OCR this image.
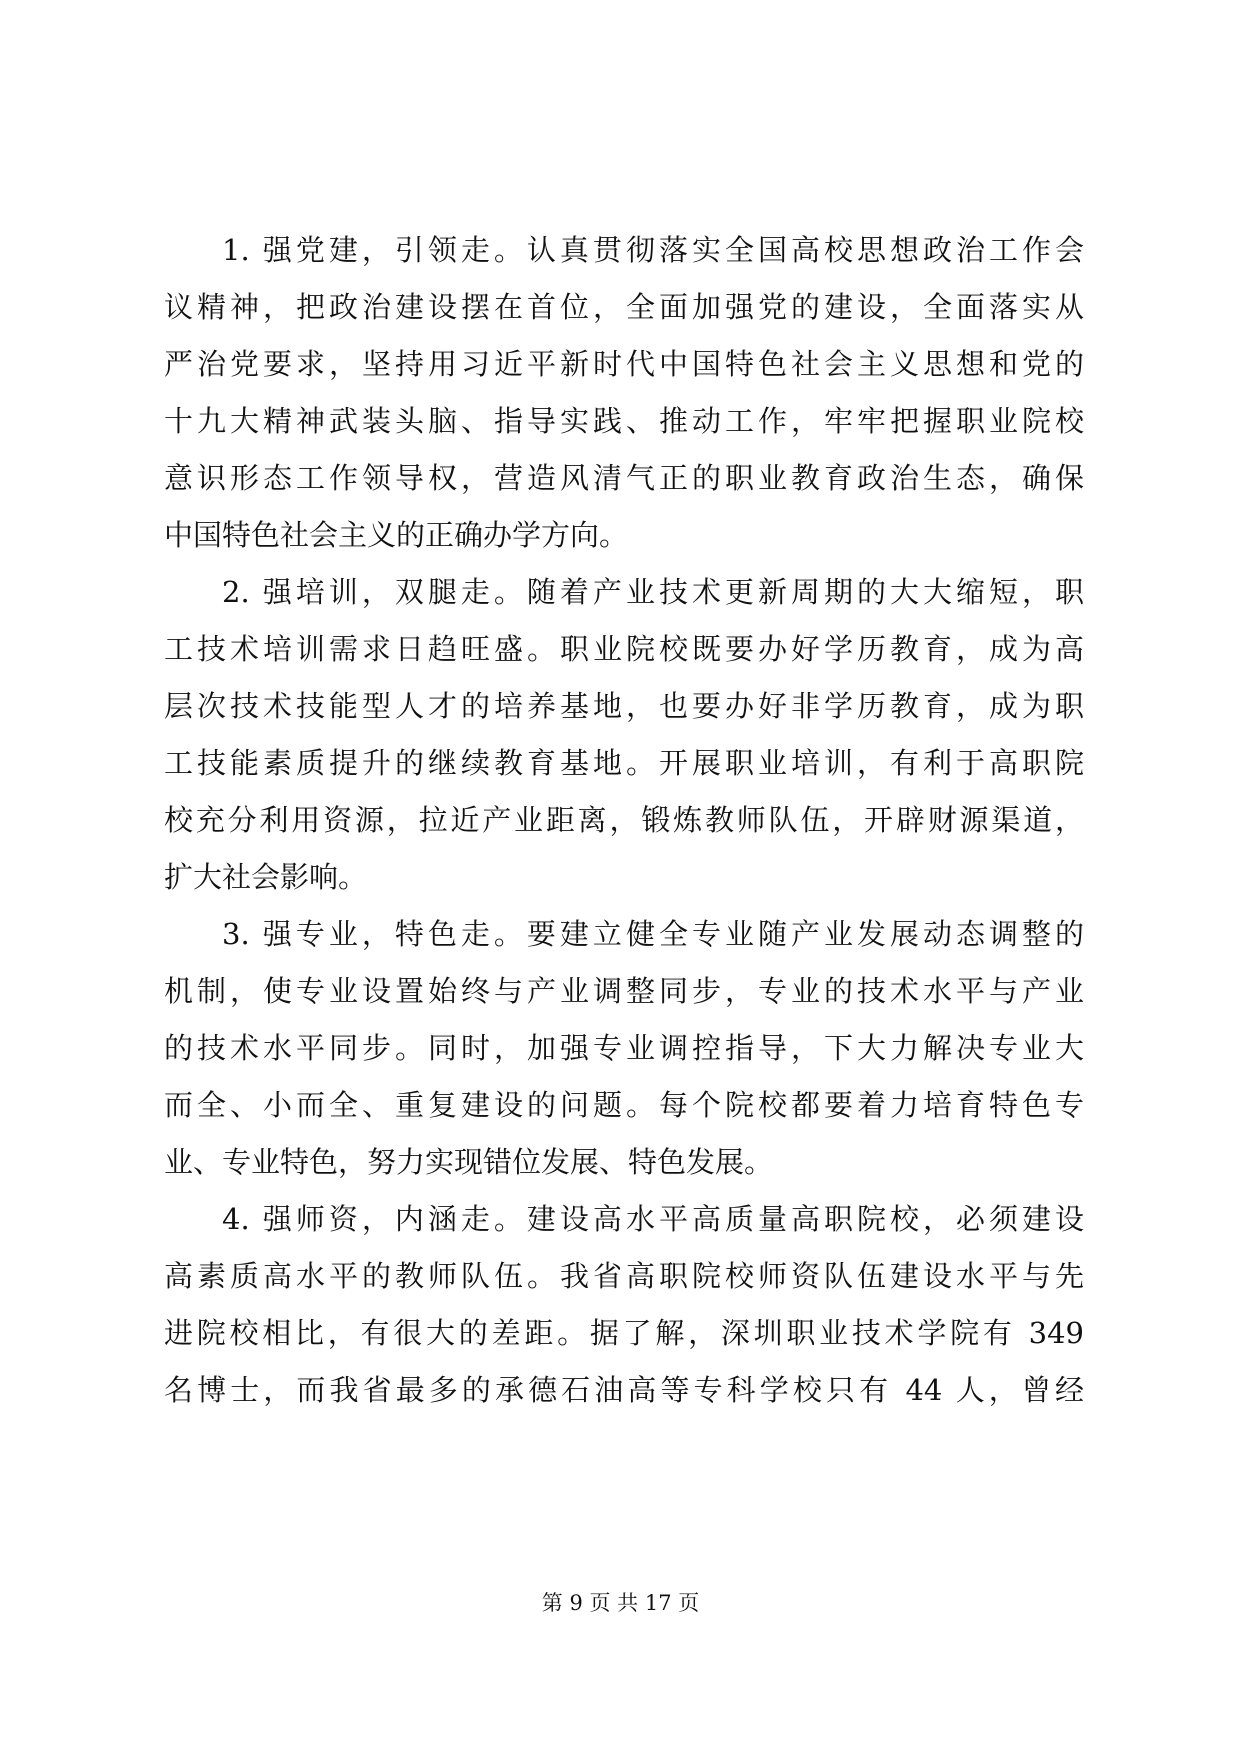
1. 强党建，引领走。认真贯彻落实全国高校思想政治工作会
议精神，把政治建设摆在首位，全面加强党的建设，全面落实从
严治党要求，坚持用习近平新时代中国特色社会主义思想和党的
十九大精神武装头脑、指导实践、推动工作，牢牢把握职业院校
意识形态工作领导权，营造风清气正的职业教育政治生态，确保
中国特色社会主义的正确办学方向。
2. 强培训，双腿走。随着产业技术更新周期的大大缩短，职
工技术培训需求日趋旺盛。职业院校既要办好学历教育，成为高
层次技术技能型人才的培养基地，也要办好非学历教育，成为职
工技能素质提升的继续教育基地。开展职业培训，有利于高职院
校充分利用资源，拉近产业距离，锻炼教师队伍，开辟财源渠道，
扩大社会影响。
3. 强专业，特色走。要建立健全专业随产业发展动态调整的
机制，使专业设置始终与产业调整同步，专业的技术水平与产业
的技术水平同步。同时，加强专业调控指导，下大力解决专业大
而全、小而全、重复建设的问题。每个院校都要着力培育特色专
业、专业特色，努力实现错位发展、特色发展。
4. 强师资，内涵走。建设高水平高质量高职院校，必须建设
高素质高水平的教师队伍。我省高职院校师资队伍建设水平与先
进院校相比，有很大的差距。据了解，深圳职业技术学院有 349
名博士，而我省最多的承德石油高等专科学校只有 44 人，曾经
第 9 页 共 17 页
